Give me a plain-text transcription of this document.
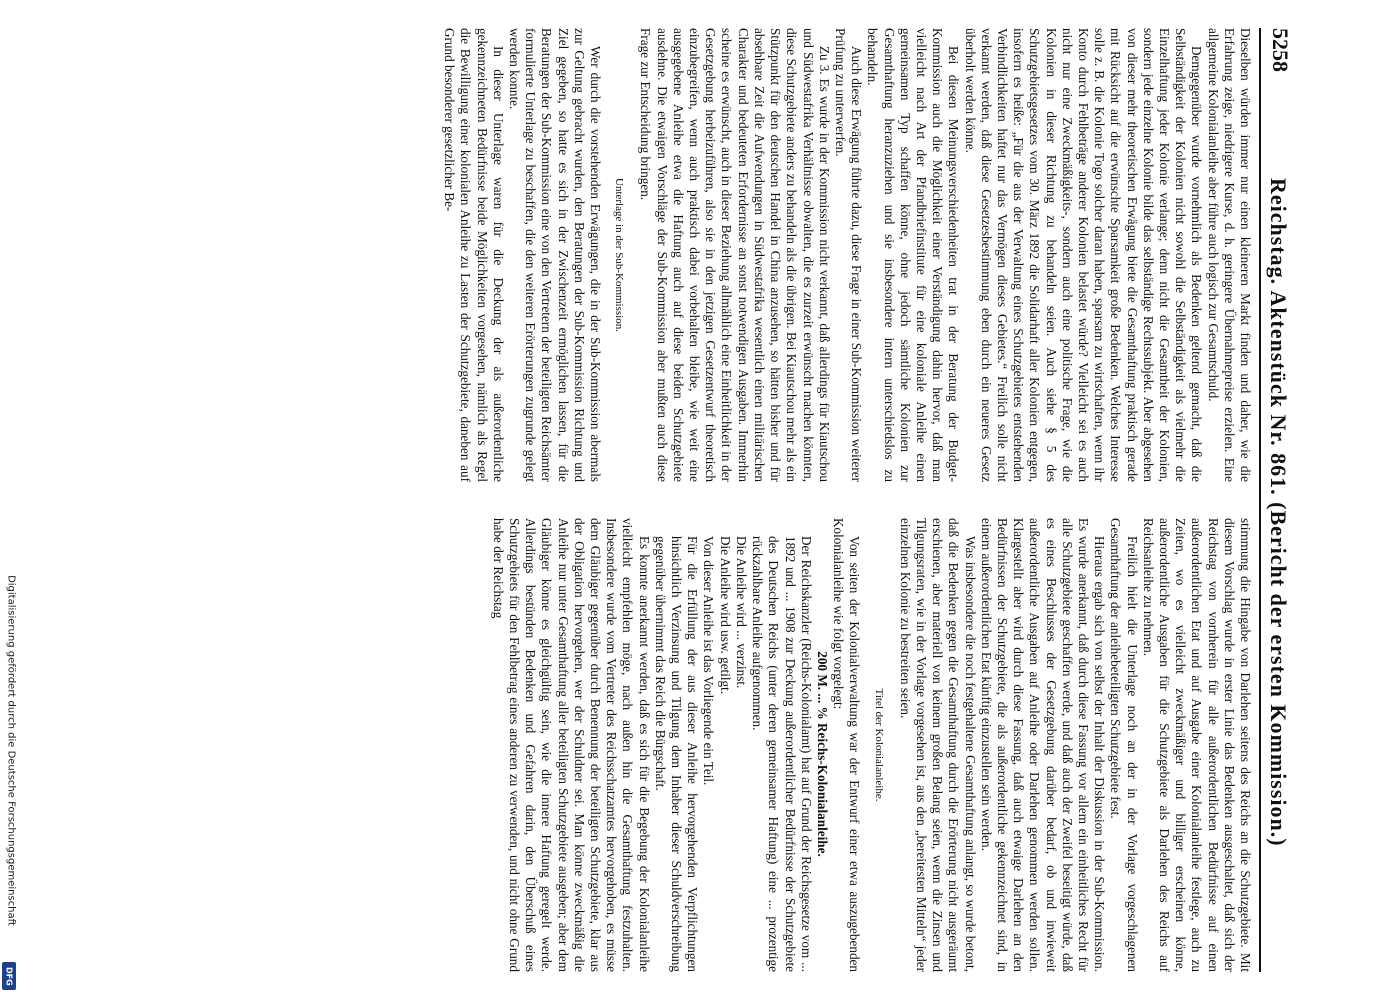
5258
Reichstag. Aktenstück Nr. 861. (Bericht der ersten Kommission.)

Dieselben würden immer nur einen kleineren Markt finden und daher, wie die Erfahrung zeige, niedrigere Kurse, d. h. geringere Übernahmepreise erzielen. Eine allgemeine Kolonialanleihe aber führe auch logisch zur Gesamtschuld.

Demgegenüber wurde vornehmlich als Bedenken geltend gemacht, daß die Selbständigkeit der Kolonien nicht sowohl die Selbständigkeit als vielmehr die Einzelhaftung jeder Kolonie verlange; denn nicht die Gesamtheit der Kolonien, sondern jede einzelne Kolonie bilde das selbständige Rechtssubjekt. Aber abgesehen von dieser mehr theoretischen Erwägung biete die Gesamthaftung praktisch gerade mit Rücksicht auf die erwünschte Sparsamkeit große Bedenken. Welches Interesse solle z. B. die Kolonie Togo solcher daran haben, sparsam zu wirtschaften, wenn ihr Konto durch Fehlbeträge anderer Kolonien belastet würde? Vielleicht sei es auch nicht nur eine Zweckmäßigkeits-, sondern auch eine politische Frage, wie die Kolonien in dieser Richtung zu behandeln seien. Auch siehe § 5 des Schutzgebietsgesetzes vom 30. März 1892 die Solidarhaft aller Kolonien entgegen, insofern es heiße: „Für die aus der Verwaltung eines Schutzgebietes entstehenden Verbindlichkeiten haftet nur das Vermögen dieses Gebietes.“ Freilich solle nicht verkannt werden, daß diese Gesetzesbestimmung eben durch ein neueres Gesetz überholt werden könne.

Bei diesen Meinungsverschiedenheiten trat in der Beratung der Budget-Kommission auch die Möglichkeit einer Verständigung dahin hervor, daß man vielleicht nach Art der Pfandbriefinstitute für eine koloniale Anleihe einen gemeinsamen Typ schaffen könne, ohne jedoch sämtliche Kolonien zur Gesamthaftung heranzuziehen und sie insbesondere intern unterschiedslos zu behandeln.

Auch diese Erwägung führte dazu, diese Frage in einer Sub-Kommission weiterer Prüfung zu unterwerfen.

Zu 3. Es wurde in der Kommission nicht verkannt, daß allerdings für Kiautschou und Südwestafrika Verhältnisse obwalten, die es zurzeit erwünscht machen könnten, diese Schutzgebiete anders zu behandeln als die übrigen. Bei Kiautschou mehr als ein Stützpunkt für den deutschen Handel in China anzusehen, so hätten bisher und für absehbare Zeit die Aufwendungen in Südwestafrika wesentlich einen militärischen Charakter und bedeuteten Erfordernisse an sonst notwendigen Ausgaben. Immerhin scheine es erwünscht, auch in dieser Beziehung allmählich eine Einheitlichkeit in der Gesetzgebung herbeizuführen, also sie in den jetzigen Gesetzentwurf theoretisch einzubegreifen, wenn auch praktisch dabei vorbehalten bleibe, wie weit eine ausgegebene Anleihe etwa die Haftung auch auf diese beiden Schutzgebiete ausdehne. Die etwaigen Vorschläge der Sub-Kommission aber mußten auch diese Frage zur Entscheidung bringen.

Unterlage in der Sub-Kommission.

Wer durch die vorstehenden Erwägungen, die in der Sub-Kommission abermals zur Geltung gebracht wurden, den Beratungen der Sub-Kommission Richtung und Ziel gegeben, so hatte es sich in der Zwischenzeit ermöglichen lassen, für die Beratungen der Sub-Kommission eine von den Vertretern der beteiligten Reichsämter formulierte Unterlage zu beschaffen, die den weiteren Erörterungen zugrunde gelegt werden konnte.

In dieser Unterlage waren für die Deckung der als außerordentliche gekennzeichneten Bedürfnisse beide Möglichkeiten vorgesehen, nämlich als Regel die Bewilligung einer kolonialen Anleihe zu Lasten der Schutzgebiete, daneben auf Grund besonderer gesetzlicher Be-

stimmung die Hingabe von Darlehen seitens des Reichs an die Schutzgebiete. Mit diesem Vorschlag wurde in erster Linie das Bedenken ausgeschaltet, daß sich der Reichstag von vornherein für alle außerordentlichen Bedürfnisse auf einen außerordentlichen Etat und auf Ausgabe einer Kolonialanleihe festlege, auch zu Zeiten, wo es vielleicht zweckmäßiger und billiger erscheinen könne, außerordentliche Ausgaben für die Schutzgebiete als Darlehen des Reichs auf Reichsanleihe zu nehmen.

Freilich hielt die Unterlage noch an der in der Vorlage vorgeschlagenen Gesamthaftung der anleihebeteiligten Schutzgebiete fest.

Hieraus ergab sich von selbst der Inhalt der Diskussion in der Sub-Kommission. Es wurde anerkannt, daß durch diese Fassung vor allem ein einheitliches Recht für alle Schutzgebiete geschaffen werde, und daß auch der Zweifel beseitigt würde, daß es eines Beschlusses der Gesetzgebung darüber bedarf, ob und inwieweit außerordentliche Ausgaben auf Anleihe oder Darlehen genommen werden sollen. Klargestellt aber wird durch diese Fassung, daß auch etwaige Darlehen an den Bedürfnissen der Schutzgebiete, die als außerordentliche gekennzeichnet sind, in einem außerordentlichen Etat künftig einzustellen sein werden.

Was insbesondere die noch festgehaltene Gesamthaftung anlangt, so wurde betont, daß die Bedenken gegen die Gesamthaftung durch die Erörterung nicht ausgeräumt erschienen, aber materiell von keinem großen Belang seien, wenn die Zinsen und Tilgungsraten, wie in der Vorlage vorgesehen ist, aus den „bereitesten Mitteln“ jeder einzelnen Kolonie zu bestreiten seien.

Titel der Kolonialanleihe.

Von seiten der Kolonialverwaltung war der Entwurf einer etwa auszugebenden Kolonialanleihe wie folgt vorgelegt:

200 M. ... % Reichs-Kolonialanleihe.

Der Reichskanzler (Reichs-Kolonialamt) hat auf Grund der Reichsgesetze vom ... 1892 und ... 1908 zur Deckung außerordentlicher Bedürfnisse der Schutzgebiete des Deutschen Reichs (unter deren gemeinsamer Haftung) eine ... prozentige rückzahlbare Anleihe aufgenommen.

Die Anleihe wird ... verzinst.

Die Anleihe wird usw. getilgt.

Von dieser Anleihe ist das Vorliegende ein Teil.

Für die Erfüllung der aus dieser Anleihe hervorgehenden Verpflichtungen hinsichtlich Verzinsung und Tilgung dem Inhaber dieser Schuldverschreibung gegenüber übernimmt das Reich die Bürgschaft.

Es konnte anerkannt werden, daß es sich für die Begebung der Kolonialanleihe vielleicht empfehlen möge, nach außen hin die Gesamthaftung festzuhalten. Insbesondere wurde vom Vertreter des Reichsschatzamtes hervorgehoben, es müsse dem Gläubiger gegenüber durch Benennung der beteiligten Schutzgebiete, klar aus der Obligation hervorgehen, wer der Schuldner sei. Man könne zweckmäßig die Anleihe nur unter Gesamthaftung aller beteiligten Schutzgebiete ausgeben; aber dem Gläubiger könne es gleichgültig sein, wie die innere Haftung geregelt werde. Allerdings bestünden Bedenken und Gefahren darin, den Überschuß eines Schutzgebiets für den Fehlbetrag eines anderen zu verwenden, und nicht ohne Grund habe der Reichstag

Digitalisierung gefördert durch die Deutsche Forschungsgemeinschaft
DFG
